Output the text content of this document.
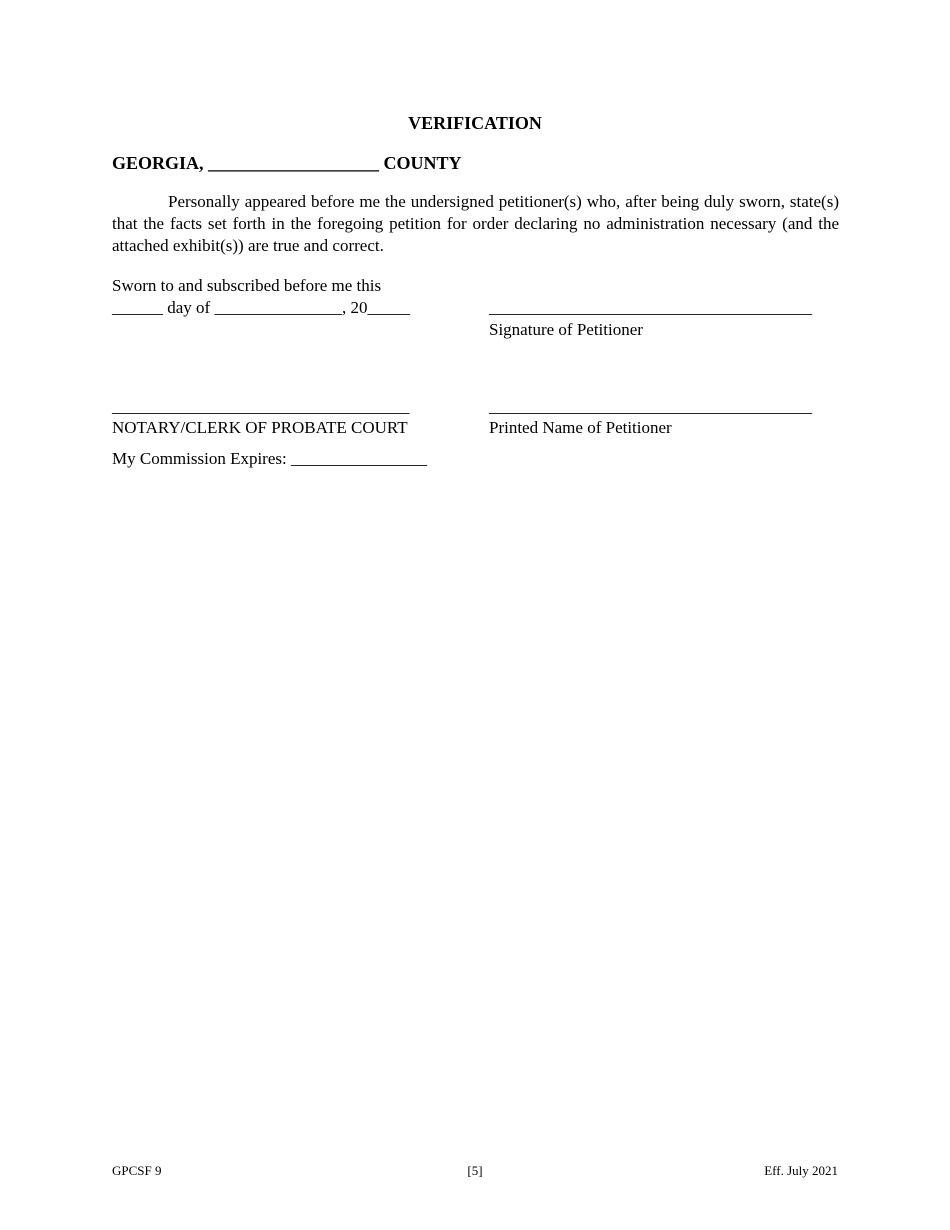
VERIFICATION
GEORGIA, ___________________ COUNTY
Personally appeared before me the undersigned petitioner(s) who, after being duly sworn, state(s) that the facts set forth in the foregoing petition for order declaring no administration necessary (and the attached exhibit(s)) are true and correct.
Sworn to and subscribed before me this
______ day of _______________, 20_____	______________________________________
Signature of Petitioner
___________________________________	______________________________________
NOTARY/CLERK OF PROBATE COURT	Printed Name of Petitioner
My Commission Expires: ________________
GPCSF 9	[5]	Eff. July 2021
